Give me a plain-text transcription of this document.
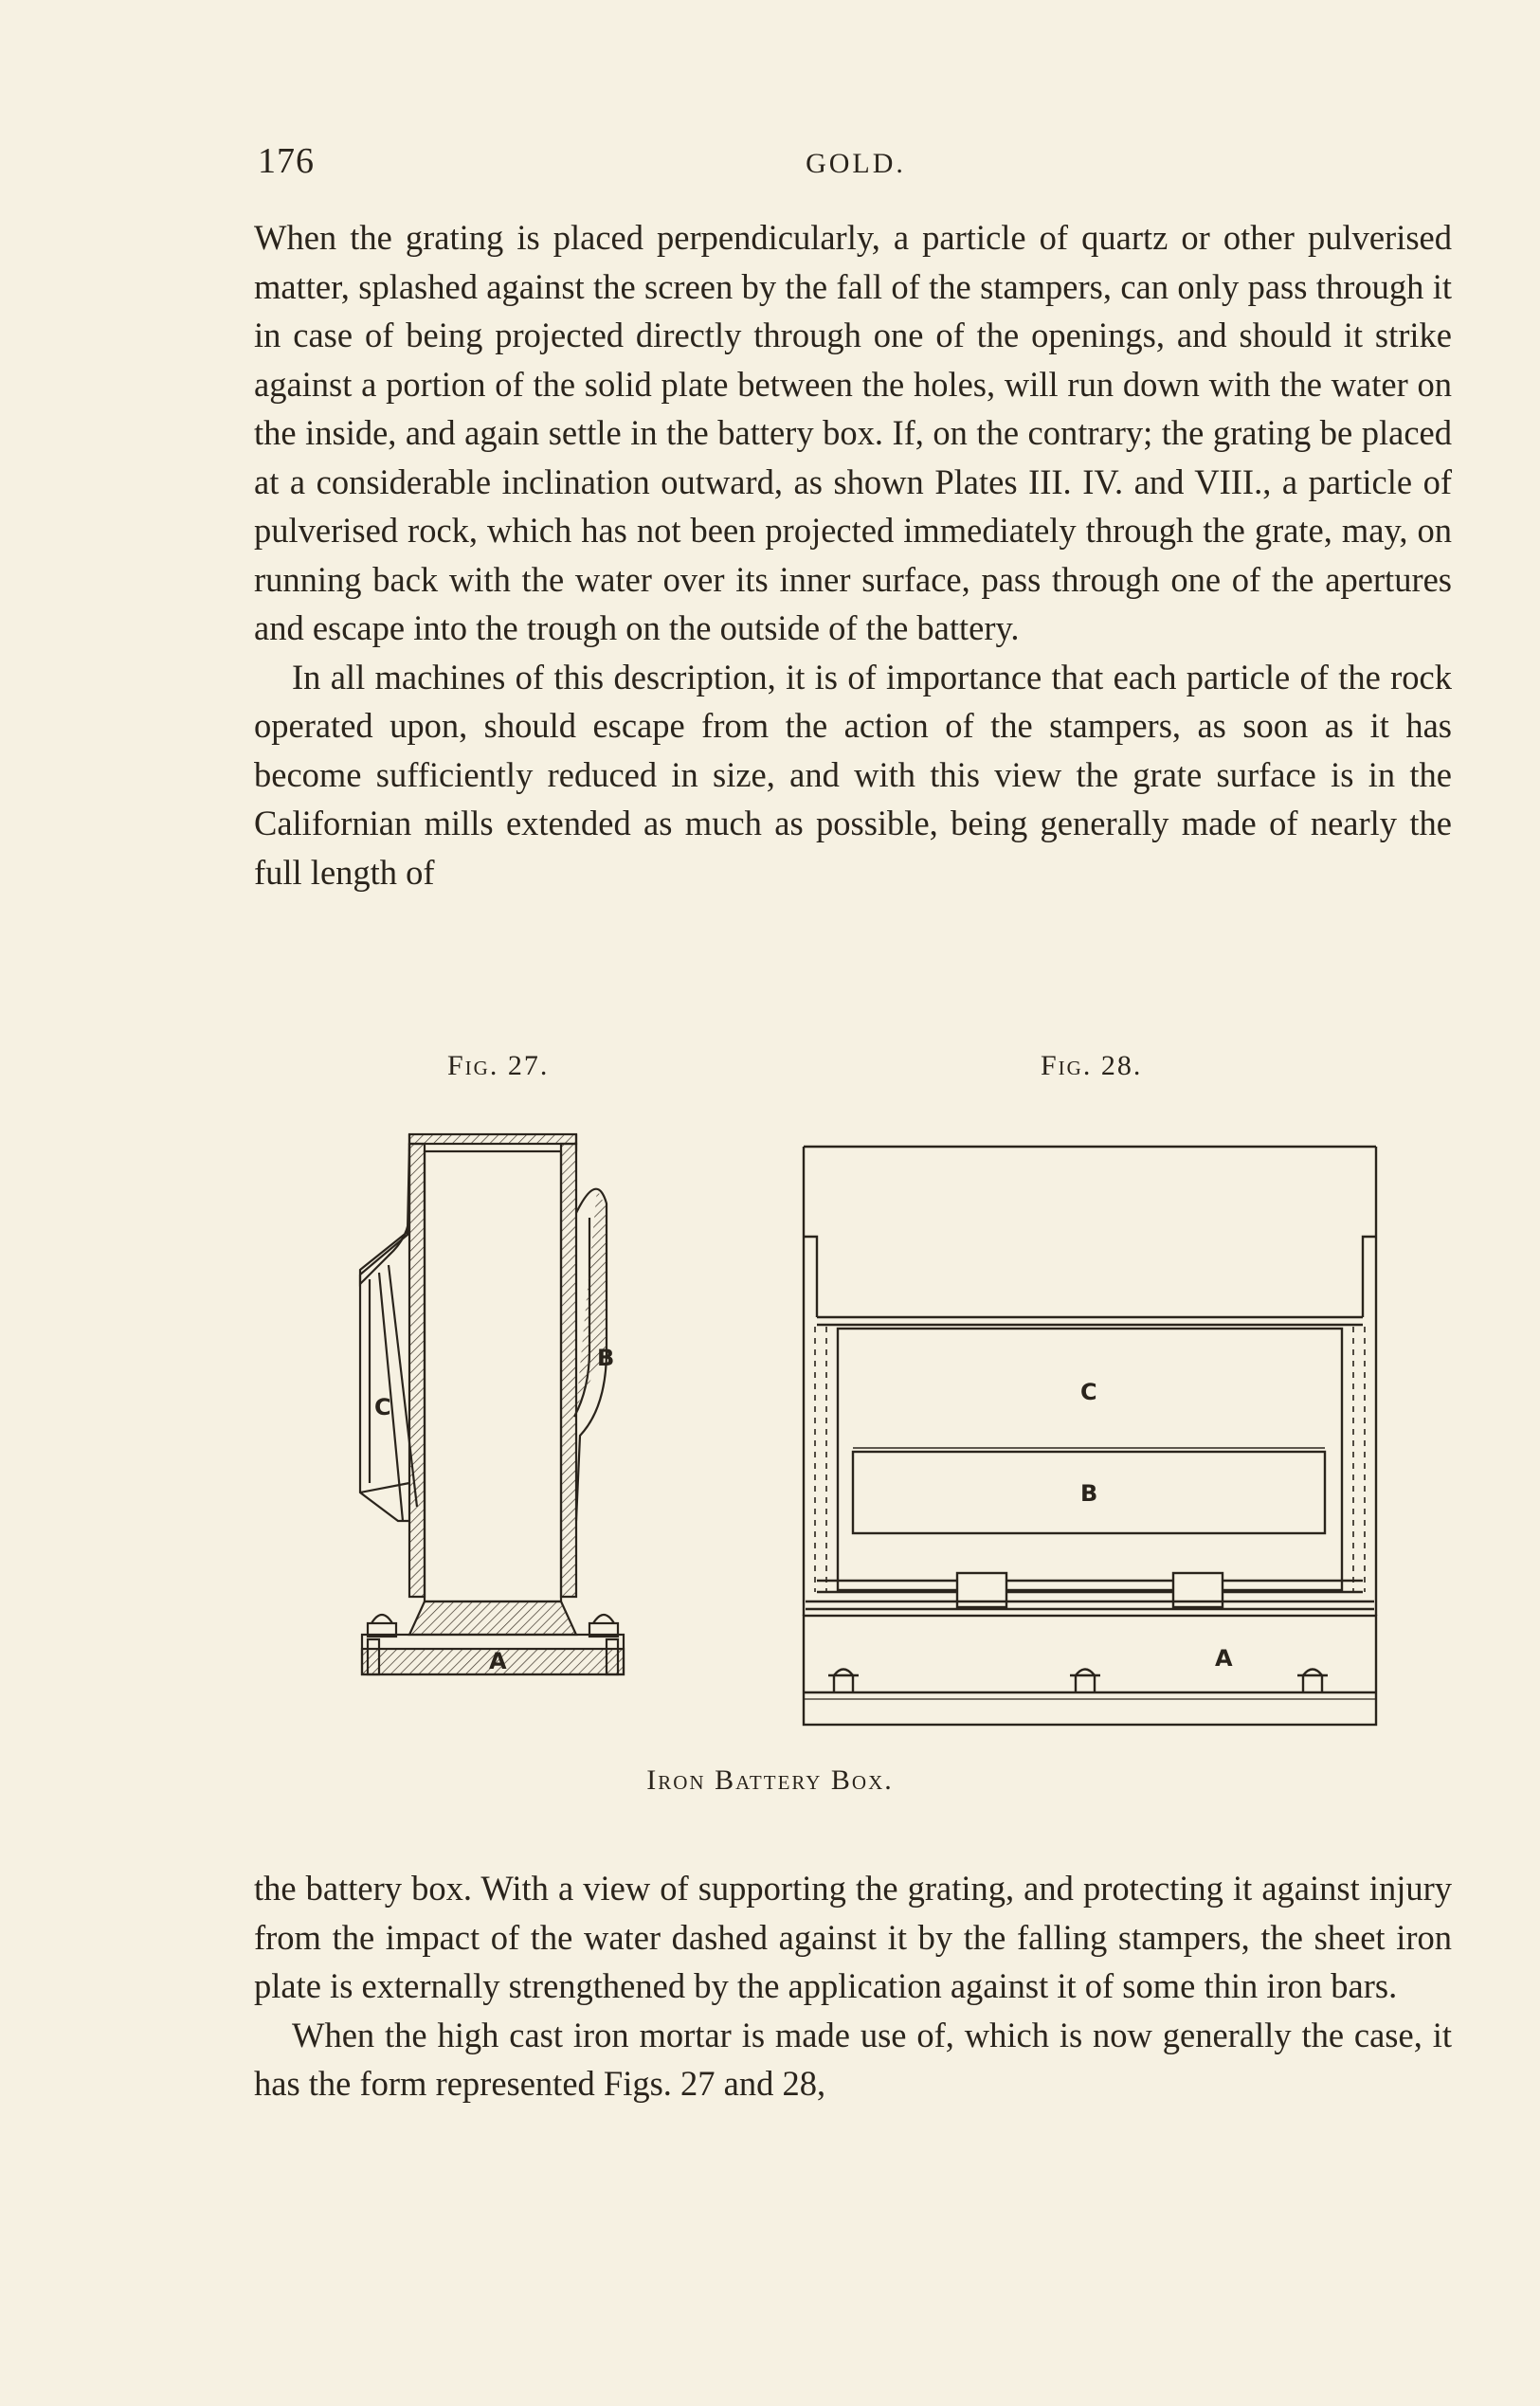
176	GOLD.

When the grating is placed perpendicularly, a particle of quartz or other pulverised matter, splashed against the screen by the fall of the stampers, can only pass through it in case of being projected directly through one of the openings, and should it strike against a portion of the solid plate between the holes, will run down with the water on the inside, and again settle in the battery box. If, on the contrary; the grating be placed at a considerable inclination outward, as shown Plates III. IV. and VIII., a particle of pulverised rock, which has not been projected immediately through the grate, may, on running back with the water over its inner surface, pass through one of the apertures and escape into the trough on the outside of the battery.

In all machines of this description, it is of importance that each particle of the rock operated upon, should escape from the action of the stampers, as soon as it has become sufficiently reduced in size, and with this view the grate surface is in the Californian mills extended as much as possible, being generally made of nearly the full length of

Fig. 27.	Fig. 28.
C
B
A
C
B
A
Iron Battery Box.

the battery box. With a view of supporting the grating, and protecting it against injury from the impact of the water dashed against it by the falling stampers, the sheet iron plate is externally strengthened by the application against it of some thin iron bars.

When the high cast iron mortar is made use of, which is now generally the case, it has the form represented Figs. 27 and 28,
